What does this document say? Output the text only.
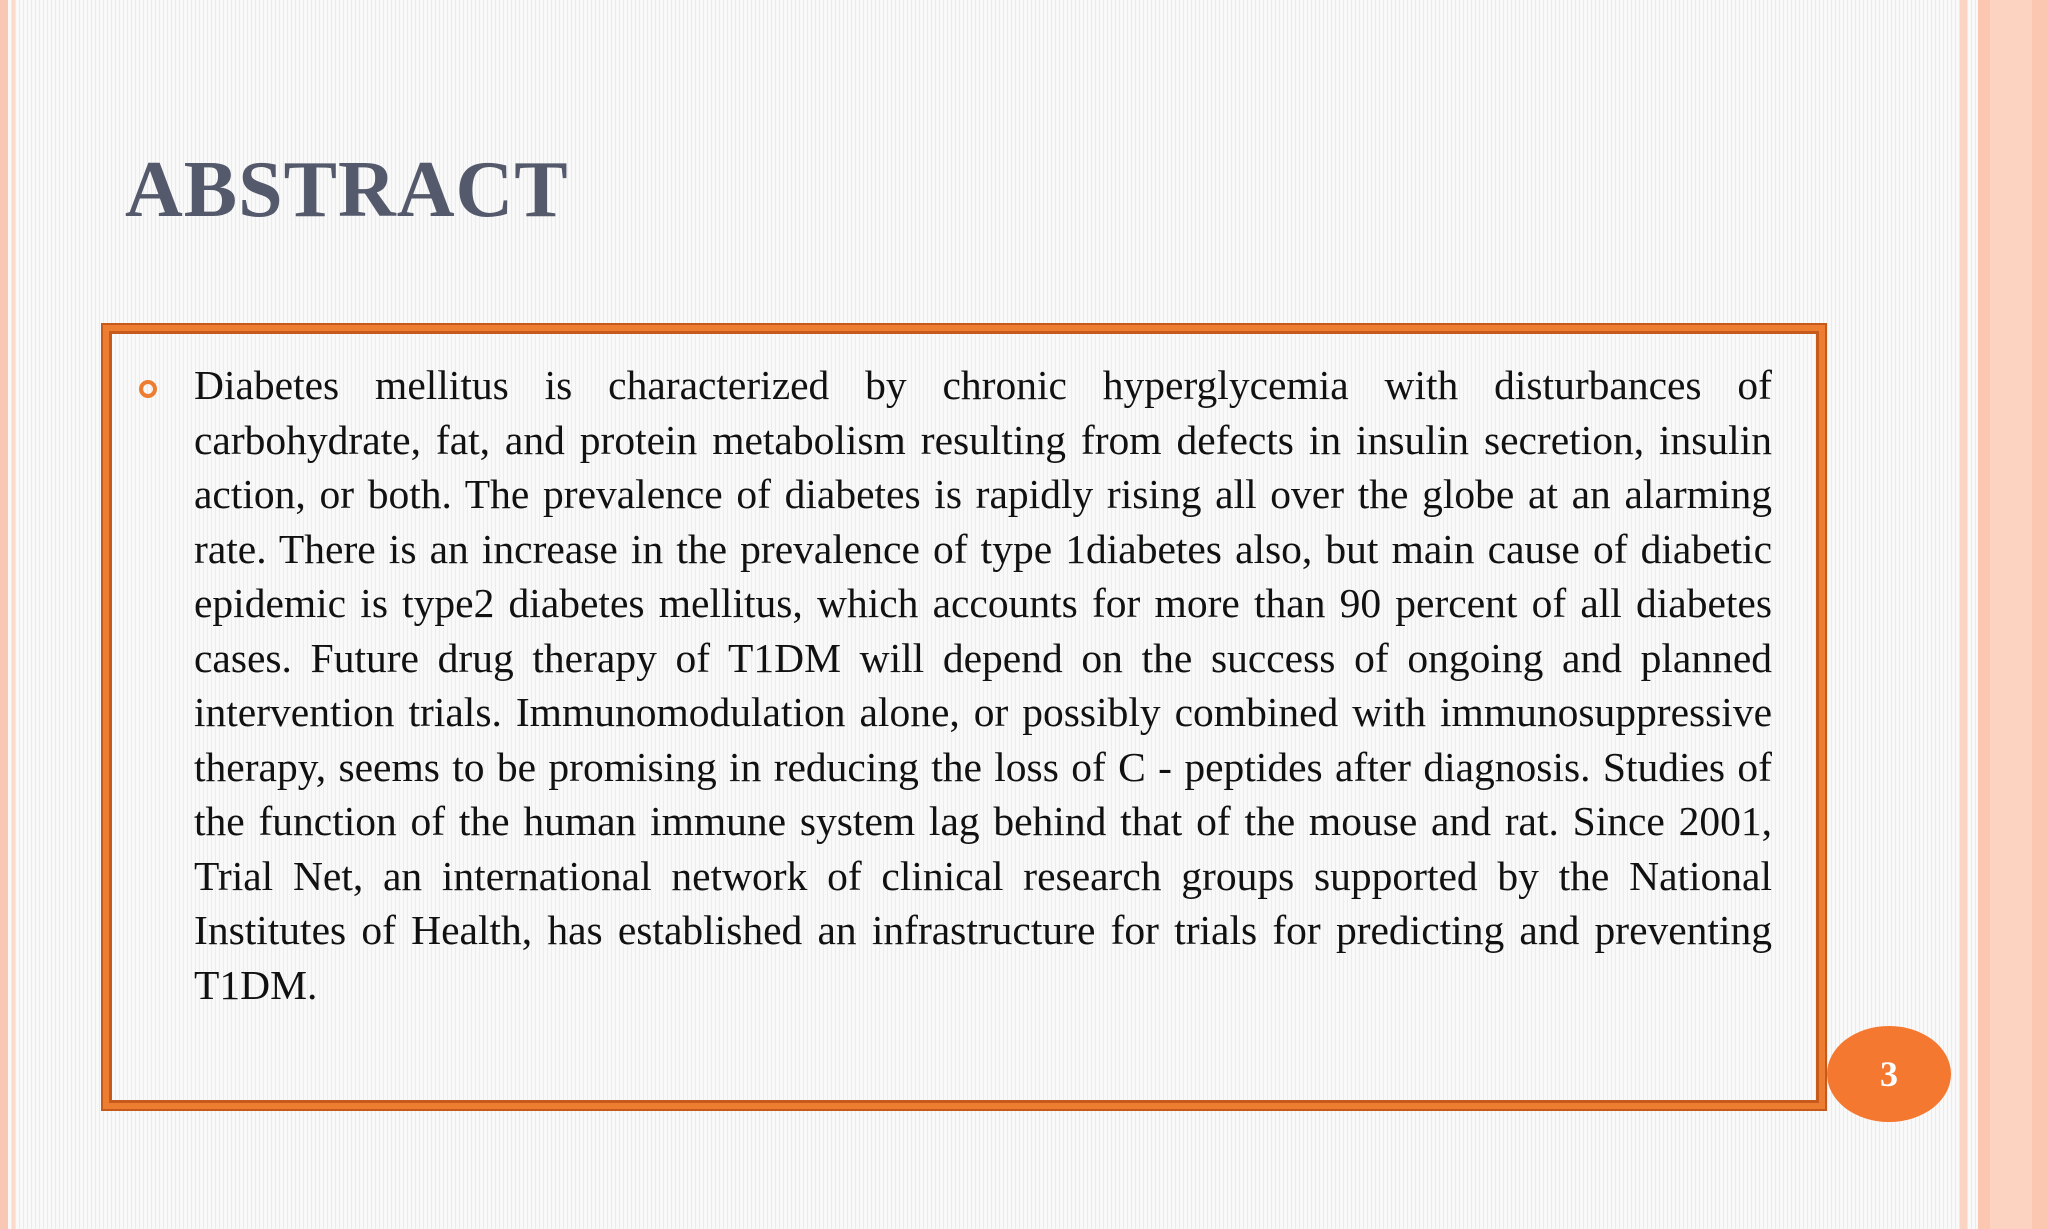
ABSTRACT

Diabetes mellitus is characterized by chronic hyperglycemia with disturbances of carbohydrate, fat, and protein metabolism resulting from defects in insulin secretion, insulin action, or both. The prevalence of diabetes is rapidly rising all over the globe at an alarming rate. There is an increase in the prevalence of type 1diabetes also, but main cause of diabetic epidemic is type2 diabetes mellitus, which accounts for more than 90 percent of all diabetes cases. Future drug therapy of T1DM will depend on the success of ongoing and planned intervention trials. Immunomodulation alone, or possibly combined with immunosuppressive therapy, seems to be promising in reducing the loss of C - peptides after diagnosis. Studies of the function of the human immune system lag behind that of the mouse and rat. Since 2001, Trial Net, an international network of clinical research groups supported by the National Institutes of Health, has established an infrastructure for trials for predicting and preventing T1DM.

3
